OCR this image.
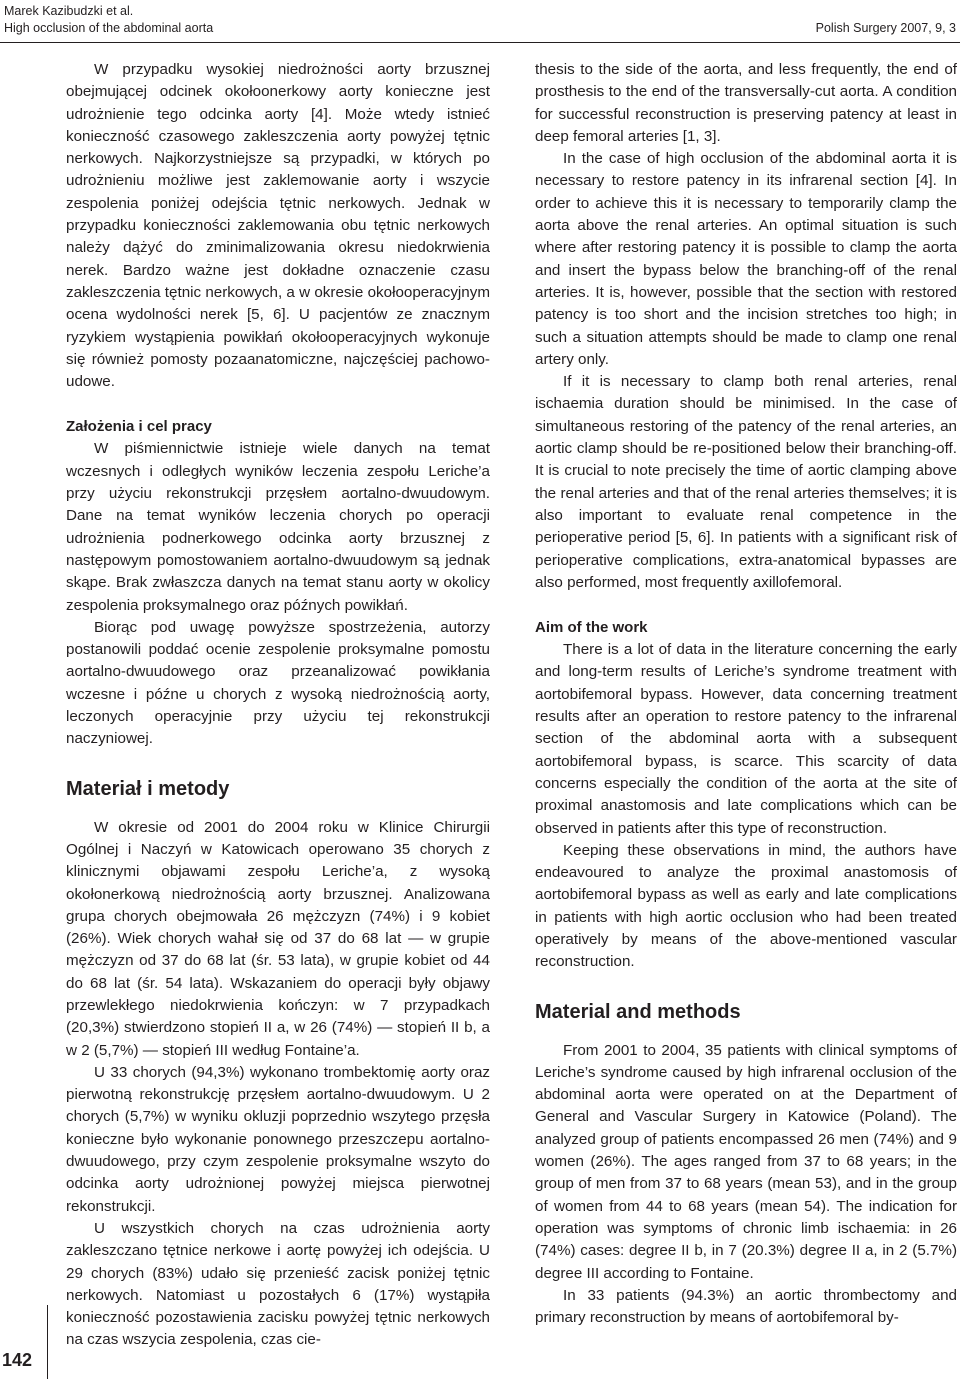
Marek Kazibudzki et al.
High occlusion of the abdominal aorta	Polish Surgery 2007, 9, 3

W przypadku wysokiej niedrożności aorty brzusznej obejmującej odcinek okołoonerkowy aorty konieczne jest udrożnienie tego odcinka aorty [4]. Może wtedy istnieć konieczność czasowego zakleszczenia aorty powyżej tętnic nerkowych. Najkorzystniejsze są przypadki, w których po udrożnieniu możliwe jest zaklemowanie aorty i wszycie zespolenia poniżej odejścia tętnic nerkowych. Jednak w przypadku konieczności zaklemowania obu tętnic nerkowych należy dążyć do zminimalizowania okresu niedokrwienia nerek. Bardzo ważne jest dokładne oznaczenie czasu zakleszczenia tętnic nerkowych, a w okresie okołooperacyjnym ocena wydolności nerek [5, 6]. U pacjentów ze znacznym ryzykiem wystąpienia powikłań okołooperacyjnych wykonuje się również pomosty pozaanatomiczne, najczęściej pachowo-udowe.

Założenia i cel pracy

W piśmiennictwie istnieje wiele danych na temat wczesnych i odległych wyników leczenia zespołu Leriche’a przy użyciu rekonstrukcji przęsłem aortalno-dwuudowym. Dane na temat wyników leczenia chorych po operacji udrożnienia podnerkowego odcinka aorty brzusznej z następowym pomostowaniem aortalno-dwuudowym są jednak skąpe. Brak zwłaszcza danych na temat stanu aorty w okolicy zespolenia proksymalnego oraz późnych powikłań.

Biorąc pod uwagę powyższe spostrzeżenia, autorzy postanowili poddać ocenie zespolenie proksymalne pomostu aortalno-dwuudowego oraz przeanalizować powikłania wczesne i późne u chorych z wysoką niedrożnością aorty, leczonych operacyjnie przy użyciu tej rekonstrukcji naczyniowej.

Materiał i metody

W okresie od 2001 do 2004 roku w Klinice Chirurgii Ogólnej i Naczyń w Katowicach operowano 35 chorych z klinicznymi objawami zespołu Leriche’a, z wysoką okołonerkową niedrożnością aorty brzusznej. Analizowana grupa chorych obejmowała 26 mężczyzn (74%) i 9 kobiet (26%). Wiek chorych wahał się od 37 do 68 lat — w grupie mężczyzn od 37 do 68 lat (śr. 53 lata), w grupie kobiet od 44 do 68 lat (śr. 54 lata). Wskazaniem do operacji były objawy przewlekłego niedokrwienia kończyn: w 7 przypadkach (20,3%) stwierdzono stopień II a, w 26 (74%) — stopień II b, a w 2 (5,7%) — stopień III według Fontaine’a.

U 33 chorych (94,3%) wykonano trombektomię aorty oraz pierwotną rekonstrukcję przęsłem aortalno-dwuudowym. U 2 chorych (5,7%) w wyniku okluzji poprzednio wszytego przęsła konieczne było wykonanie ponownego przeszczepu aortalno-dwuudowego, przy czym zespolenie proksymalne wszyto do odcinka aorty udrożnionej powyżej miejsca pierwotnej rekonstrukcji.

U wszystkich chorych na czas udrożnienia aorty zakleszczano tętnice nerkowe i aortę powyżej ich odejścia. U 29 chorych (83%) udało się przenieść zacisk poniżej tętnic nerkowych. Natomiast u pozostałych 6 (17%) wystąpiła konieczność pozostawienia zacisku powyżej tętnic nerkowych na czas wszycia zespolenia, czas cie-

thesis to the side of the aorta, and less frequently, the end of prosthesis to the end of the transversally-cut aorta. A condition for successful reconstruction is preserving patency at least in deep femoral arteries [1, 3].

In the case of high occlusion of the abdominal aorta it is necessary to restore patency in its infrarenal section [4]. In order to achieve this it is necessary to temporarily clamp the aorta above the renal arteries. An optimal situation is such where after restoring patency it is possible to clamp the aorta and insert the bypass below the branching-off of the renal arteries. It is, however, possible that the section with restored patency is too short and the incision stretches too high; in such a situation attempts should be made to clamp one renal artery only.

If it is necessary to clamp both renal arteries, renal ischaemia duration should be minimised. In the case of simultaneous restoring of the patency of the renal arteries, an aortic clamp should be re-positioned below their branching-off. It is crucial to note precisely the time of aortic clamping above the renal arteries and that of the renal arteries themselves; it is also important to evaluate renal competence in the perioperative period [5, 6]. In patients with a significant risk of perioperative complications, extra-anatomical bypasses are also performed, most frequently axillofemoral.

Aim of the work

There is a lot of data in the literature concerning the early and long-term results of Leriche’s syndrome treatment with aortobifemoral bypass. However, data concerning treatment results after an operation to restore patency to the infrarenal section of the abdominal aorta with a subsequent aortobifemoral bypass, is scarce. This scarcity of data concerns especially the condition of the aorta at the site of proximal anastomosis and late complications which can be observed in patients after this type of reconstruction.

Keeping these observations in mind, the authors have endeavoured to analyze the proximal anastomosis of aortobifemoral bypass as well as early and late complications in patients with high aortic occlusion who had been treated operatively by means of the above-mentioned vascular reconstruction.

Material and methods

From 2001 to 2004, 35 patients with clinical symptoms of Leriche’s syndrome caused by high infrarenal occlusion of the abdominal aorta were operated on at the Department of General and Vascular Surgery in Katowice (Poland). The analyzed group of patients encompassed 26 men (74%) and 9 women (26%). The ages ranged from 37 to 68 years; in the group of men from 37 to 68 years (mean 53), and in the group of women from 44 to 68 years (mean 54). The indication for operation was symptoms of chronic limb ischaemia: in 26 (74%) cases: degree II b, in 7 (20.3%) degree II a, in 2 (5.7%) degree III according to Fontaine.

In 33 patients (94.3%) an aortic thrombectomy and primary reconstruction by means of aortobifemoral by-

142
